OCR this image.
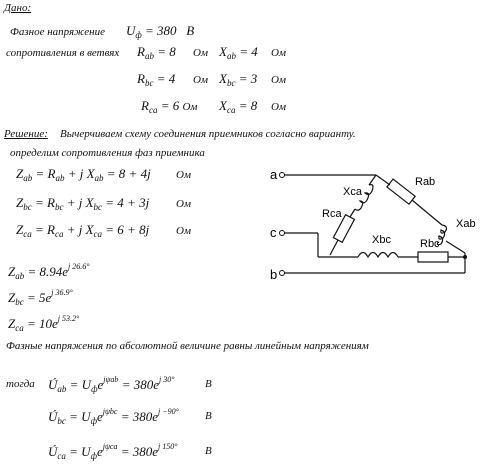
Дано:
Фазное напряжение $U_ф = 380$   В
сопротивления в ветвях $R_{ab} = 8$ Ом $X_{ab} = 4$ Ом
$R_{bc} = 4$ Ом $X_{bc} = 3$ Ом
$R_{ca} = 6$ Ом $X_{ca} = 8$ Ом
Решение: Вычерчиваем схему соединения приемников согласно варианту.
определим сопротивления фаз приемника
$Z_{ab} = R_{ab} + j$ $X_{ab} = 8 + 4j$ Ом
$Z_{bc} = R_{bc} + j$ $X_{bc} = 4 + 3j$ Ом
$Z_{ca} = R_{ca} + j$ $X_{ca} = 6 + 8j$ Ом
$Z_{ab} = 8.94e^{j 26.6^\circ}$
$Z_{bc} = 5e^{j 36.9^\circ}$
$Z_{ca} = 10e^{j 53.2^\circ}$
Фазные напряжения по абсолютной величине равны линейным напряжениям
тогда $Ú_{ab} = U_фe^{j\psi ab} = 380e^{j 30^\circ}$	В
$Ú_{bc} = U_фe^{j\psi bc} = 380e^{j -90^\circ}$ В
$Ú_{ca} = U_фe^{j\psi ca} = 380e^{j 150^\circ}$	В
a
c
b
Xca
Rab
Rca
Xab
Xbc	Rbc
